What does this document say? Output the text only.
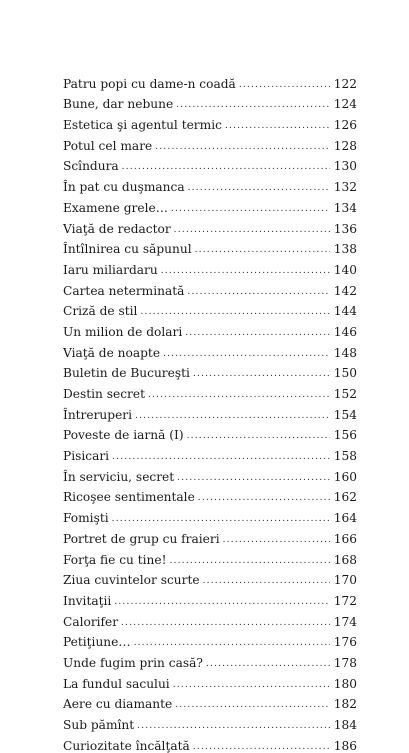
Patru popi cu dame-n coadă .....	122
Bune, dar nebune .....	124
Estetica şi agentul termic .....	126
Potul cel mare .....	128
Scîndura .....	130
În pat cu duşmanca .....	132
Examene grele… .....	134
Viaţă de redactor .....	136
Întîlnirea cu săpunul .....	138
Iaru miliardaru .....	140
Cartea neterminată .....	142
Criză de stil .....	144
Un milion de dolari .....	146
Viaţă de noapte .....	148
Buletin de Bucureşti .....	150
Destin secret .....	152
Întreruperi .....	154
Poveste de iarnă (I) .....	156
Pisicari .....	158
În serviciu, secret .....	160
Ricoşeе sentimentale .....	162
Fomişti .....	164
Portret de grup cu fraieri .....	166
Forţa fie cu tine! .....	168
Ziua cuvintelor scurte .....	170
Invitaţii .....	172
Calorifer .....	174
Petiţiune… .....	176
Unde fugim prin casă? .....	178
La fundul sacului .....	180
Aere cu diamante .....	182
Sub pămînt .....	184
Curiozitate încălţată .....	186
